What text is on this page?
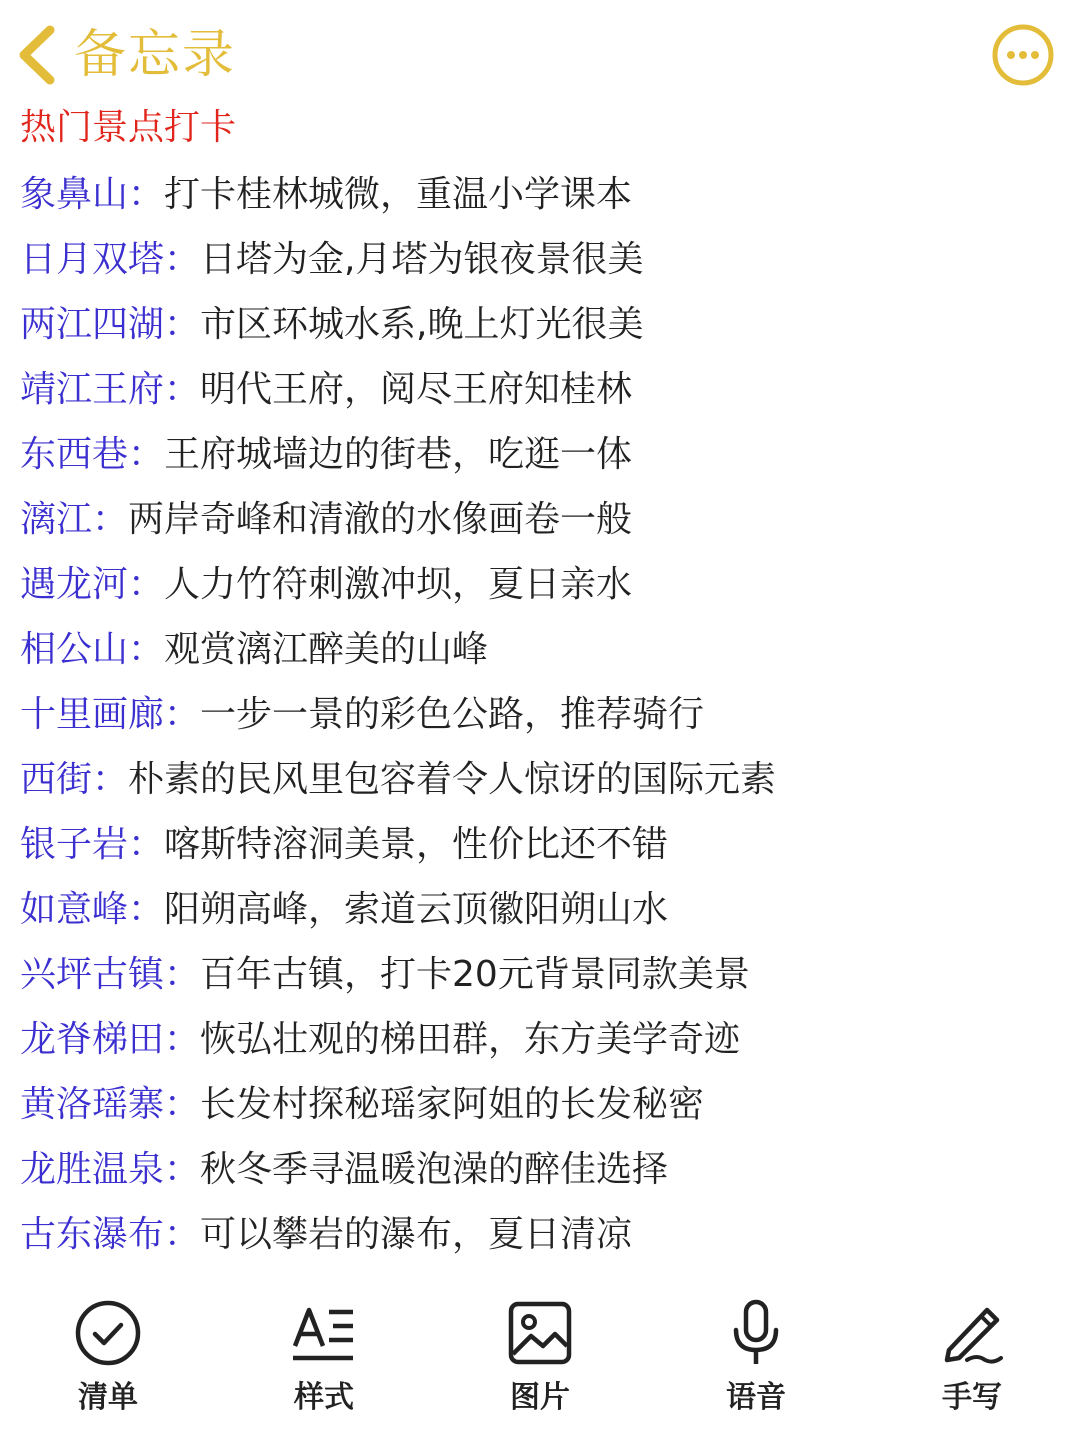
备忘录
热门景点打卡
象鼻山：打卡桂林城微，重温小学课本
日月双塔：日塔为金,月塔为银夜景很美
两江四湖：市区环城水系,晚上灯光很美
靖江王府：明代王府，阅尽王府知桂林
东西巷：王府城墙边的街巷，吃逛一体
漓江：两岸奇峰和清澈的水像画卷一般
遇龙河：人力竹符刺激冲坝，夏日亲水
相公山：观赏漓江醉美的山峰
十里画廊：一步一景的彩色公路，推荐骑行
西街：朴素的民风里包容着令人惊讶的国际元素
银子岩：喀斯特溶洞美景，性价比还不错
如意峰：阳朔高峰，索道云顶徽阳朔山水
兴坪古镇：百年古镇，打卡20元背景同款美景
龙脊梯田：恢弘壮观的梯田群，东方美学奇迹
黄洛瑶寨：长发村探秘瑶家阿姐的长发秘密
龙胜温泉：秋冬季寻温暖泡澡的醉佳选择
古东瀑布：可以攀岩的瀑布，夏日清凉
清单	样式	图片	语音	手写
